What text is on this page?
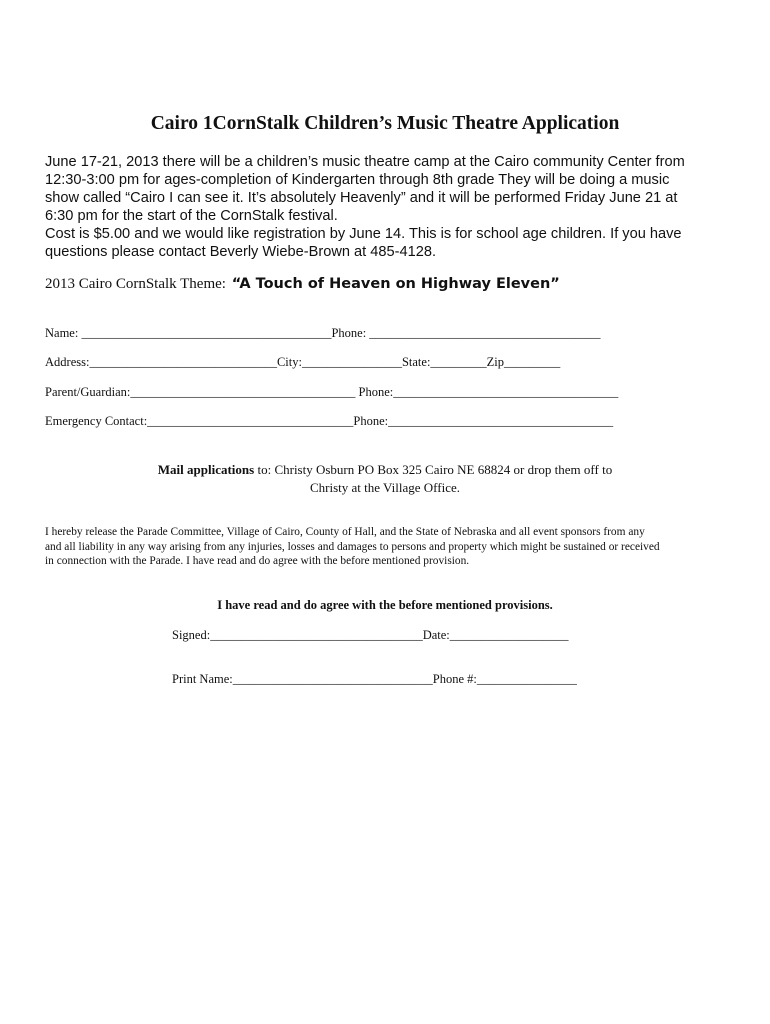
Cairo 1CornStalk Children’s Music Theatre Application
June 17-21, 2013 there will be a children’s music theatre camp at the Cairo community Center from
12:30-3:00 pm for ages-completion of Kindergarten through 8th grade They will be doing a music
show called “Cairo I can see it. It’s absolutely Heavenly” and it will be performed Friday June 21 at
6:30 pm for the start of the CornStalk festival.
Cost is $5.00 and we would like registration by June 14. This is for school age children. If you have
questions please contact Beverly Wiebe-Brown at 485-4128.
2013 Cairo CornStalk Theme: “A Touch of Heaven on Highway Eleven”
Name: ________________________________________Phone: _____________________________________
Address:______________________________City:________________State:_________Zip_________
Parent/Guardian:____________________________________ Phone:____________________________________
Emergency Contact:_________________________________Phone:____________________________________
Mail applications to: Christy Osburn PO Box 325 Cairo NE 68824 or drop them off to
Christy at the Village Office.
I hereby release the Parade Committee, Village of Cairo, County of Hall, and the State of Nebraska and all event sponsors from any
and all liability in any way arising from any injuries, losses and damages to persons and property which might be sustained or received
in connection with the Parade. I have read and do agree with the before mentioned provision.
I have read and do agree with the before mentioned provisions.
Signed:__________________________________Date:___________________
Print Name:________________________________Phone #:________________
